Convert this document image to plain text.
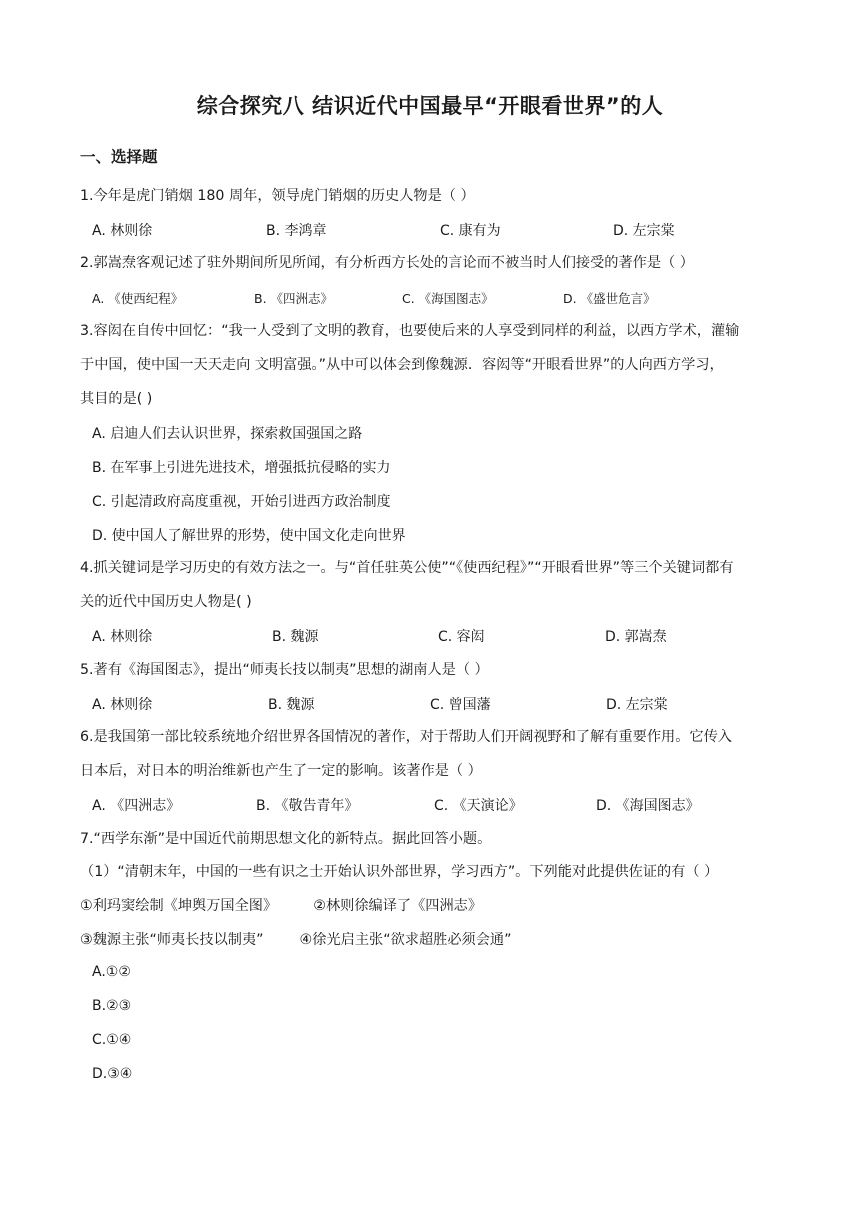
综合探究八 结识近代中国最早“开眼看世界”的人
一、选择题
1.今年是虎门销烟 180 周年，领导虎门销烟的历史人物是（ ）
A. 林则徐	B. 李鸿章	C. 康有为	D. 左宗棠
2.郭嵩焘客观记述了驻外期间所见所闻，有分析西方长处的言论而不被当时人们接受的著作是（ ）
A. 《使西纪程》	B. 《四洲志》	C. 《海国图志》	D. 《盛世危言》
3.容闳在自传中回忆：“我一人受到了文明的教育，也要使后来的人享受到同样的利益，以西方学术，灌输
于中国，使中国一天天走向 文明富强。”从中可以体会到像魏源．容闳等“开眼看世界”的人向西方学习，
其目的是( )
A. 启迪人们去认识世界，探索救国强国之路
B. 在军事上引进先进技术，增强抵抗侵略的实力
C. 引起清政府高度重视，开始引进西方政治制度
D. 使中国人了解世界的形势，使中国文化走向世界
4.抓关键词是学习历史的有效方法之一。与“首任驻英公使”“《使西纪程》”“开眼看世界”等三个关键词都有
关的近代中国历史人物是( )
A. 林则徐	B. 魏源	C. 容闳	D. 郭嵩焘
5.著有《海国图志》，提出“师夷长技以制夷”思想的湖南人是（ ）
A. 林则徐	B. 魏源	C. 曾国藩	D. 左宗棠
6.是我国第一部比较系统地介绍世界各国情况的著作，对于帮助人们开阔视野和了解有重要作用。它传入
日本后，对日本的明治维新也产生了一定的影响。该著作是（ ）
A. 《四洲志》	B. 《敬告青年》	C. 《天演论》	D. 《海国图志》
7.“西学东渐”是中国近代前期思想文化的新特点。据此回答小题。
（1）“清朝末年，中国的一些有识之士开始认识外部世界，学习西方”。下列能对此提供佐证的有（ ）
①利玛窦绘制《坤舆万国全图》        ②林则徐编译了《四洲志》
③魏源主张“师夷长技以制夷”        ④徐光启主张“欲求超胜必须会通”
A.①②
B.②③
C.①④
D.③④
